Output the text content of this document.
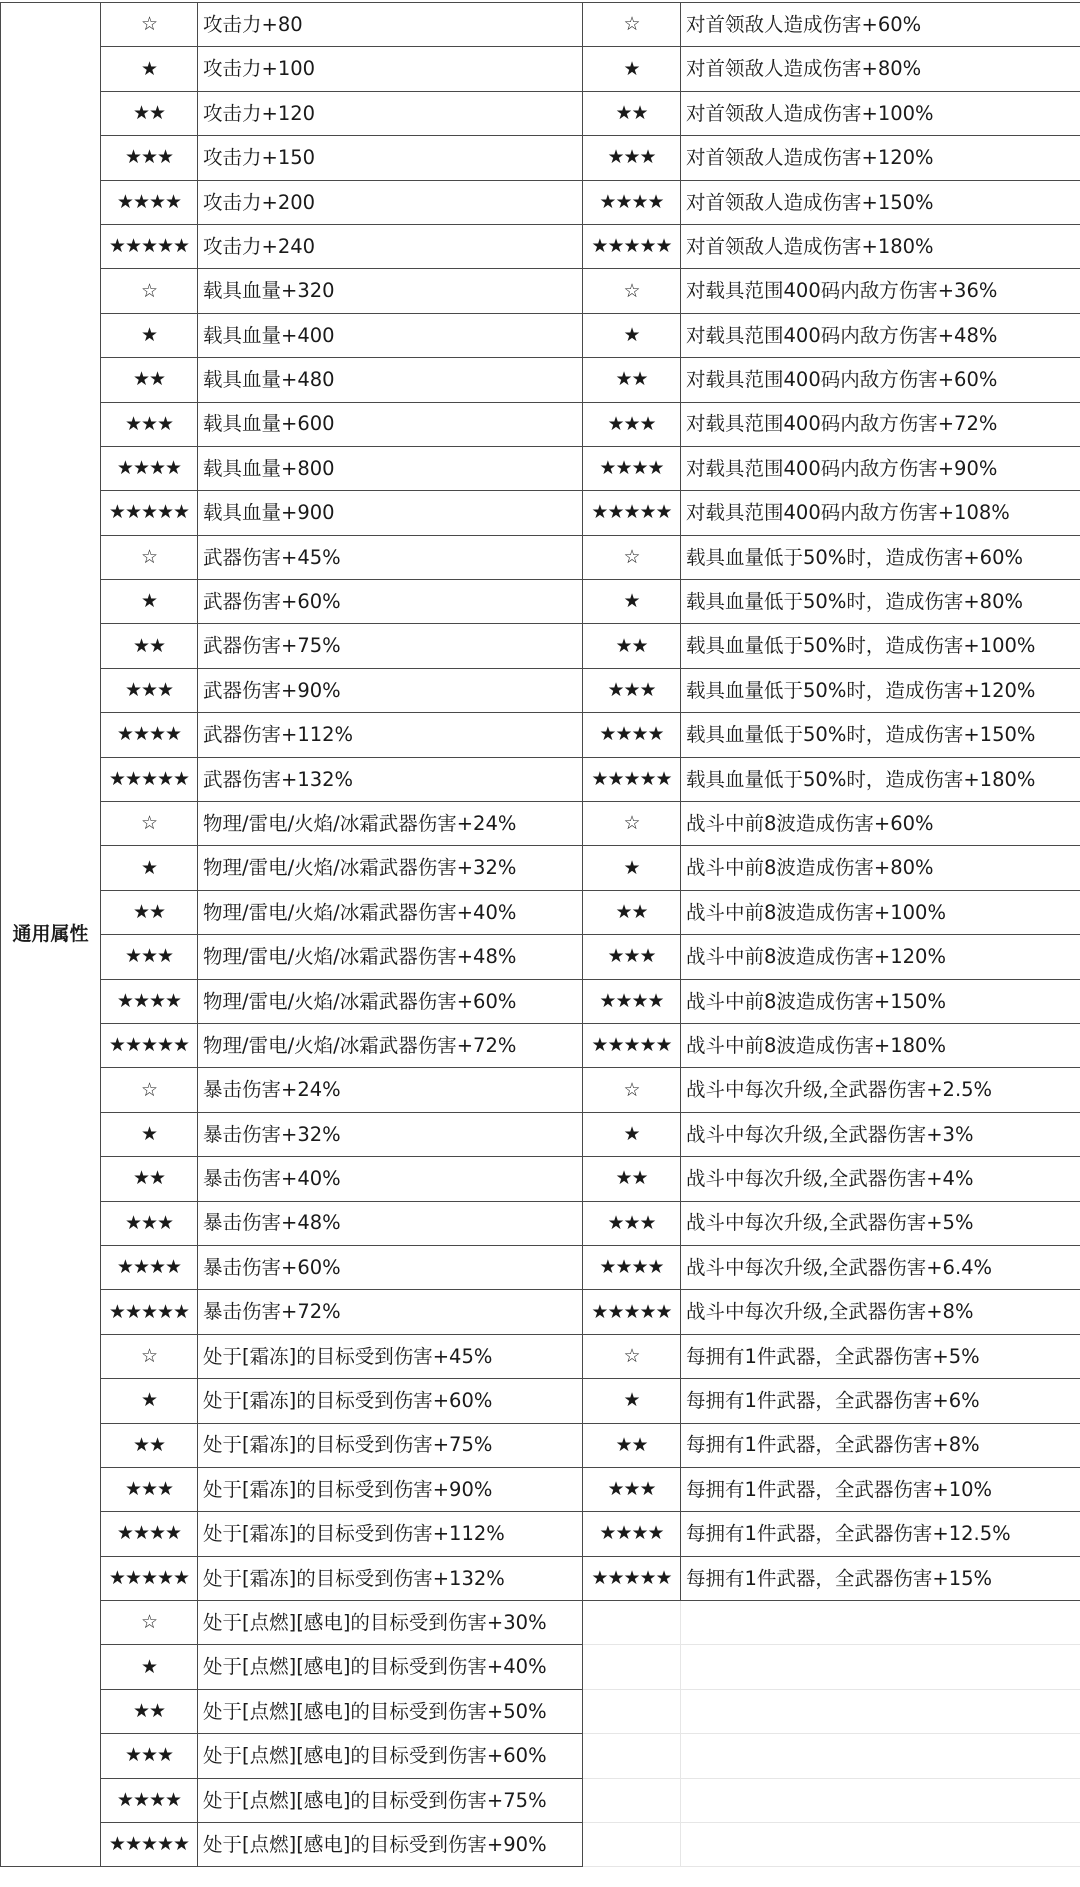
通用属性	☆	攻击力+80	☆	对首领敌人造成伤害+60%
	★	攻击力+100	★	对首领敌人造成伤害+80%
	★★	攻击力+120	★★	对首领敌人造成伤害+100%
	★★★	攻击力+150	★★★	对首领敌人造成伤害+120%
	★★★★	攻击力+200	★★★★	对首领敌人造成伤害+150%
	★★★★★	攻击力+240	★★★★★	对首领敌人造成伤害+180%
	☆	载具血量+320	☆	对载具范围400码内敌方伤害+36%
	★	载具血量+400	★	对载具范围400码内敌方伤害+48%
	★★	载具血量+480	★★	对载具范围400码内敌方伤害+60%
	★★★	载具血量+600	★★★	对载具范围400码内敌方伤害+72%
	★★★★	载具血量+800	★★★★	对载具范围400码内敌方伤害+90%
	★★★★★	载具血量+900	★★★★★	对载具范围400码内敌方伤害+108%
	☆	武器伤害+45%	☆	载具血量低于50%时，造成伤害+60%
	★	武器伤害+60%	★	载具血量低于50%时，造成伤害+80%
	★★	武器伤害+75%	★★	载具血量低于50%时，造成伤害+100%
	★★★	武器伤害+90%	★★★	载具血量低于50%时，造成伤害+120%
	★★★★	武器伤害+112%	★★★★	载具血量低于50%时，造成伤害+150%
	★★★★★	武器伤害+132%	★★★★★	载具血量低于50%时，造成伤害+180%
	☆	物理/雷电/火焰/冰霜武器伤害+24%	☆	战斗中前8波造成伤害+60%
	★	物理/雷电/火焰/冰霜武器伤害+32%	★	战斗中前8波造成伤害+80%
	★★	物理/雷电/火焰/冰霜武器伤害+40%	★★	战斗中前8波造成伤害+100%
	★★★	物理/雷电/火焰/冰霜武器伤害+48%	★★★	战斗中前8波造成伤害+120%
	★★★★	物理/雷电/火焰/冰霜武器伤害+60%	★★★★	战斗中前8波造成伤害+150%
	★★★★★	物理/雷电/火焰/冰霜武器伤害+72%	★★★★★	战斗中前8波造成伤害+180%
	☆	暴击伤害+24%	☆	战斗中每次升级,全武器伤害+2.5%
	★	暴击伤害+32%	★	战斗中每次升级,全武器伤害+3%
	★★	暴击伤害+40%	★★	战斗中每次升级,全武器伤害+4%
	★★★	暴击伤害+48%	★★★	战斗中每次升级,全武器伤害+5%
	★★★★	暴击伤害+60%	★★★★	战斗中每次升级,全武器伤害+6.4%
	★★★★★	暴击伤害+72%	★★★★★	战斗中每次升级,全武器伤害+8%
	☆	处于[霜冻]的目标受到伤害+45%	☆	每拥有1件武器，全武器伤害+5%
	★	处于[霜冻]的目标受到伤害+60%	★	每拥有1件武器，全武器伤害+6%
	★★	处于[霜冻]的目标受到伤害+75%	★★	每拥有1件武器，全武器伤害+8%
	★★★	处于[霜冻]的目标受到伤害+90%	★★★	每拥有1件武器，全武器伤害+10%
	★★★★	处于[霜冻]的目标受到伤害+112%	★★★★	每拥有1件武器，全武器伤害+12.5%
	★★★★★	处于[霜冻]的目标受到伤害+132%	★★★★★	每拥有1件武器，全武器伤害+15%
	☆	处于[点燃][感电]的目标受到伤害+30%		
	★	处于[点燃][感电]的目标受到伤害+40%		
	★★	处于[点燃][感电]的目标受到伤害+50%		
	★★★	处于[点燃][感电]的目标受到伤害+60%		
	★★★★	处于[点燃][感电]的目标受到伤害+75%		
	★★★★★	处于[点燃][感电]的目标受到伤害+90%		
